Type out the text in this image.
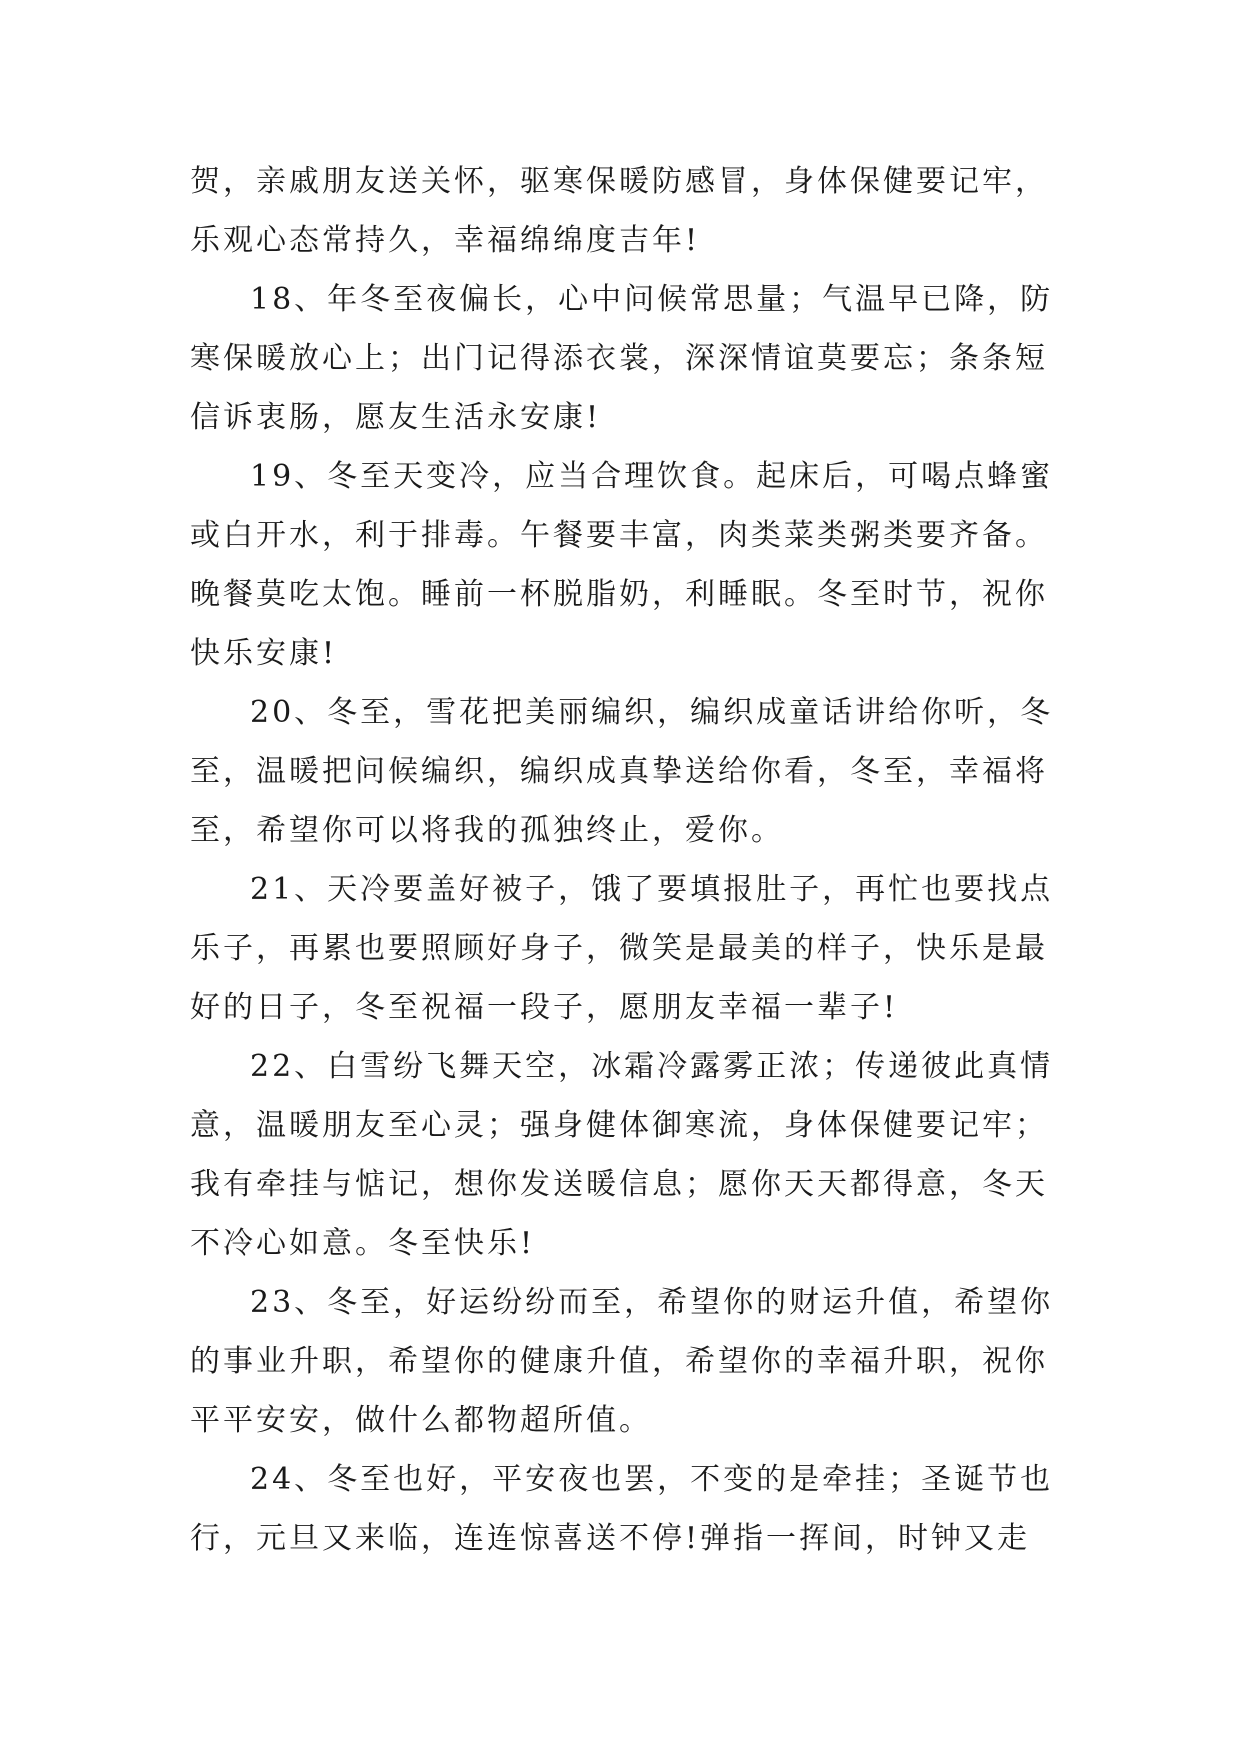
贺，亲戚朋友送关怀，驱寒保暖防感冒，身体保健要记牢，
乐观心态常持久，幸福绵绵度吉年!
18、年冬至夜偏长，心中问候常思量；气温早已降，防
寒保暖放心上；出门记得添衣裳，深深情谊莫要忘；条条短
信诉衷肠，愿友生活永安康!
19、冬至天变冷，应当合理饮食。起床后，可喝点蜂蜜
或白开水，利于排毒。午餐要丰富，肉类菜类粥类要齐备。
晚餐莫吃太饱。睡前一杯脱脂奶，利睡眠。冬至时节，祝你
快乐安康!
20、冬至，雪花把美丽编织，编织成童话讲给你听，冬
至，温暖把问候编织，编织成真挚送给你看，冬至，幸福将
至，希望你可以将我的孤独终止，爱你。
21、天冷要盖好被子，饿了要填报肚子，再忙也要找点
乐子，再累也要照顾好身子，微笑是最美的样子，快乐是最
好的日子，冬至祝福一段子，愿朋友幸福一辈子!
22、白雪纷飞舞天空，冰霜冷露雾正浓；传递彼此真情
意，温暖朋友至心灵；强身健体御寒流，身体保健要记牢；
我有牵挂与惦记，想你发送暖信息；愿你天天都得意，冬天
不冷心如意。冬至快乐!
23、冬至，好运纷纷而至，希望你的财运升值，希望你
的事业升职，希望你的健康升值，希望你的幸福升职，祝你
平平安安，做什么都物超所值。
24、冬至也好，平安夜也罢，不变的是牵挂；圣诞节也
行，元旦又来临，连连惊喜送不停!弹指一挥间，时钟又走
